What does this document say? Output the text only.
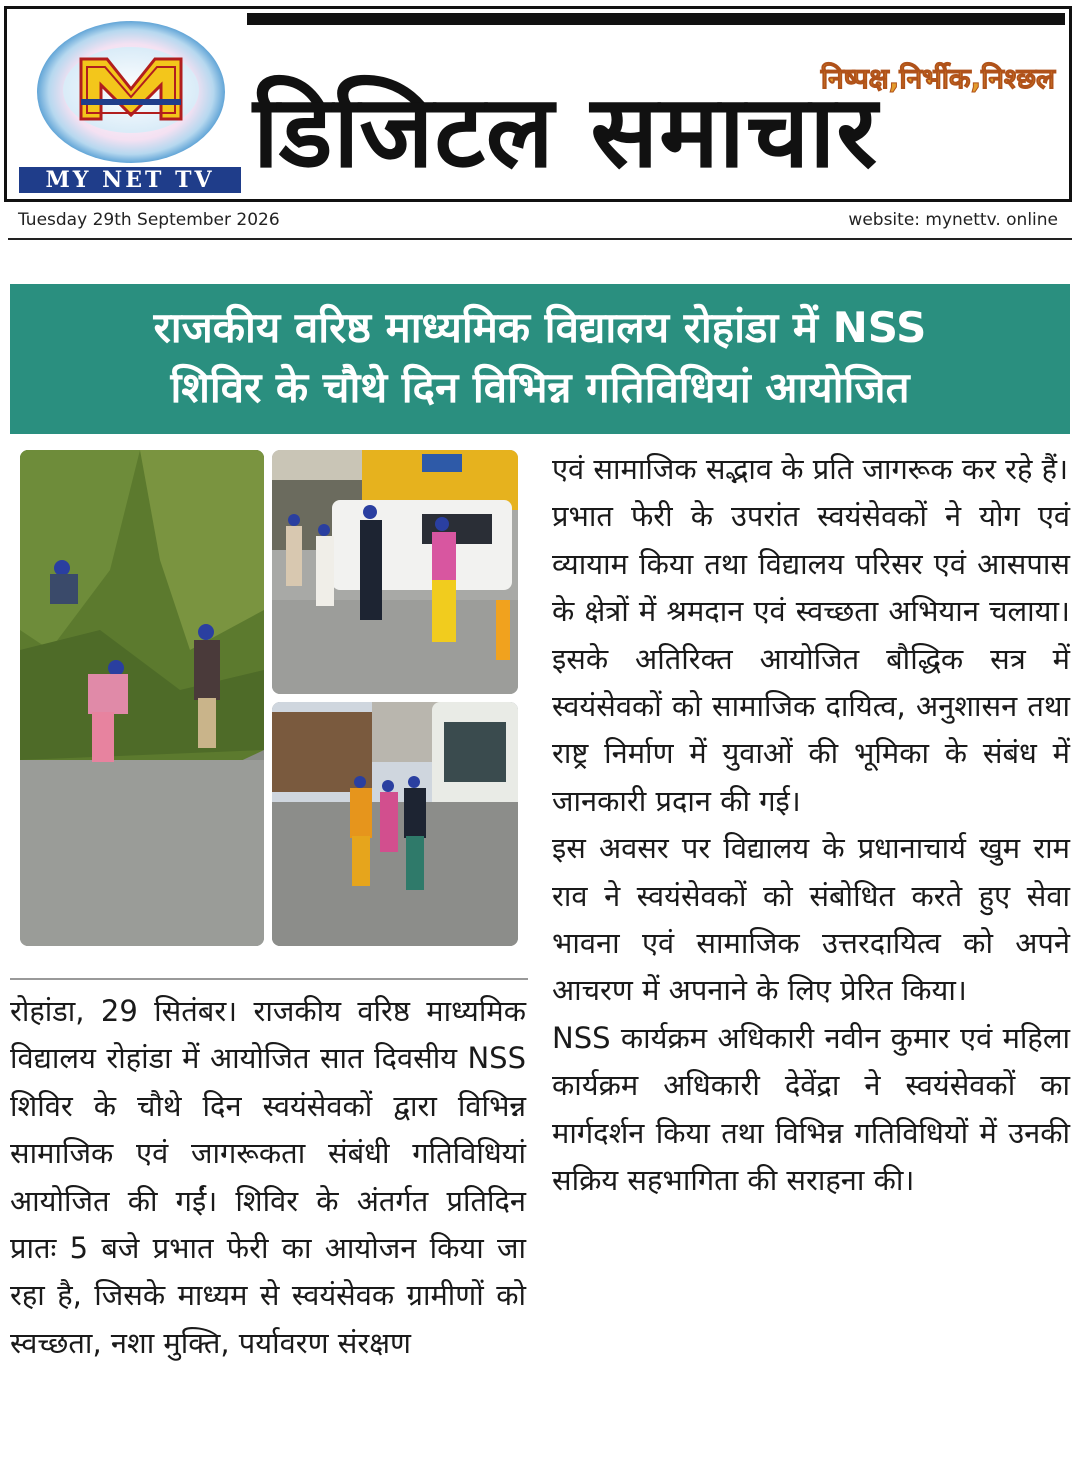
MY NET TV
निष्पक्ष,निर्भीक,निश्छल
डिजिटल समाचार
Tuesday 29th September 2026	website: mynettv. online
राजकीय वरिष्ठ माध्यमिक विद्यालय रोहांडा में NSS
शिविर के चौथे दिन विभिन्न गतिविधियां आयोजित

रोहांडा, 29 सितंबर। राजकीय वरिष्ठ माध्यमिक विद्यालय रोहांडा में आयोजित सात दिवसीय NSS शिविर के चौथे दिन स्वयंसेवकों द्वारा विभिन्न सामाजिक एवं जागरूकता संबंधी गतिविधियां आयोजित की गईं। शिविर के अंतर्गत प्रतिदिन प्रातः 5 बजे प्रभात फेरी का आयोजन किया जा रहा है, जिसके माध्यम से स्वयंसेवक ग्रामीणों को स्वच्छता, नशा मुक्ति, पर्यावरण संरक्षण

एवं सामाजिक सद्भाव के प्रति जागरूक कर रहे हैं।

प्रभात फेरी के उपरांत स्वयंसेवकों ने योग एवं व्यायाम किया तथा विद्यालय परिसर एवं आसपास के क्षेत्रों में श्रमदान एवं स्वच्छता अभियान चलाया। इसके अतिरिक्त आयोजित बौद्धिक सत्र में स्वयंसेवकों को सामाजिक दायित्व, अनुशासन तथा राष्ट्र निर्माण में युवाओं की भूमिका के संबंध में जानकारी प्रदान की गई।

इस अवसर पर विद्यालय के प्रधानाचार्य खुम राम राव ने स्वयंसेवकों को संबोधित करते हुए सेवा भावना एवं सामाजिक उत्तरदायित्व को अपने आचरण में अपनाने के लिए प्रेरित किया।

NSS कार्यक्रम अधिकारी नवीन कुमार एवं महिला कार्यक्रम अधिकारी देवेंद्रा ने स्वयंसेवकों का मार्गदर्शन किया तथा विभिन्न गतिविधियों में उनकी सक्रिय सहभागिता की सराहना की।
